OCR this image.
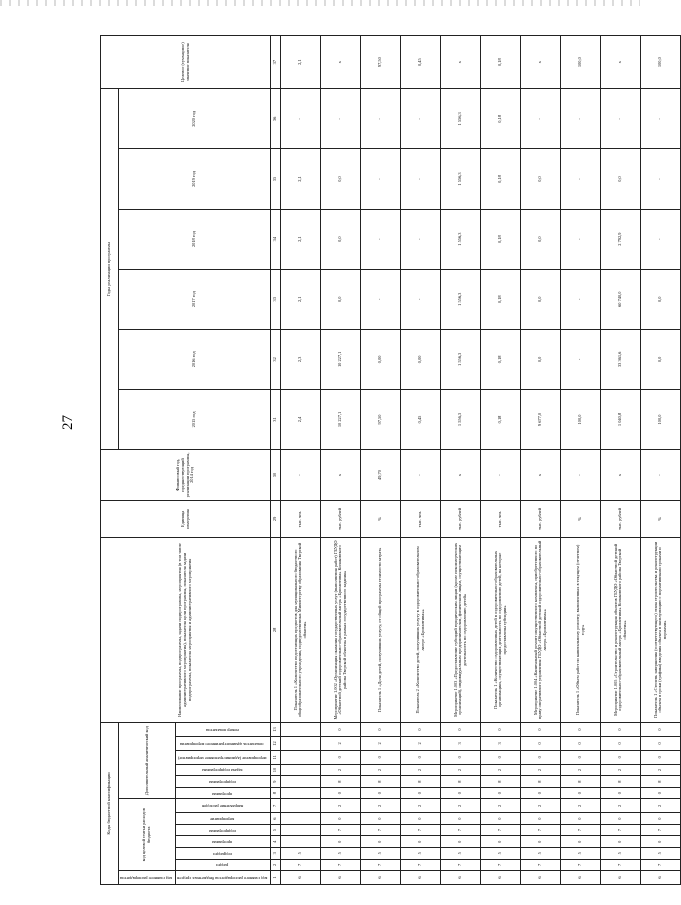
27
Коды бюджетной классификации													Наименование программы, подпрограммы, задачи подпрограммы, мероприятия (в том числе административного мероприятия), показателя цели программы, показателя задачи подпрограммы, показателя мероприятия и административного мероприятия	Единица измерения	Финансовый год, предшествующий реализации программы, 2014 год	Годы реализации программы						Целевое (суммарное) значение показателя
код главного распорядителя	код целевой статьи расходов бюджета						Дополнительный аналитический код									2015 год	2016 год	2017 год	2018 год	2019 год	2020 год	
код главного распорядителя бюджетных средств	раздел	подраздел	программа	подпрограмма	мероприятие	направление расходов	программа	подпрограмма	задача подпрограммы	мероприятие (административное мероприятие)	показатель административного мероприятия	номер показателя										
1	2	3	4	5	6	7	8	9	10	11	12	13	28	29	30	31	32	33	34	35	36	37
6	7	5											Показатель 1 «Количество недостающих предметов для муниципального бюджетного общеобразовательного учреждения, подведомственных Министерству образования Тверской области»	тыс. чел.	-	2,4	2,3	2,1	2,1	2,1	-	2,1
6	7	5	0	7	0	2	0	8	2	0	2	0	Мероприятие 1.002 «Организация оказания государственных услуг (выполнения работ) ГБУДО «Областной детский оздоровительно-образовательный лагерь «Бригантина» Конаковского района Тверской области» в рамках государственного задания»	тыс. рублей	x	10 227,1	10 227,1	0,0	0,0	0,0	-	x
6	7	5	0	7	0	2	0	8	2	0	2	0	Показатель 1 «Доля детей, получивших услугу, от общей программы стоимости затрат»	%	49,70	97,50	0,00	-	-	-	-	97,50
6	7	5	0	7	0	2	0	8	2	0	2	0	Показатель 2 «Количество детей, получивших услугу в оздоровительно-образовательном лагере «Бригантина»»	тыс. чел.	-	0,45	0,00	-	-	-	-	0,45
6	7	5	0	7	0	2	0	8	2	0	3	0	Мероприятие 1.003 «Предоставление субсидий юридическим лицам (кроме некоммерческих организаций), индивидуальным предпринимателям, физическим лицам, осуществляющим деятельность по оздоровлению детей»	тыс. рублей	x	1 556,3	1 556,3	1 556,3	1 556,3	1 556,3	1 556,3	x
6	7	5	0	7	0	2	0	8	2	0	3	0	Показатель 1 «Количество оздоровленных детей в оздоровительно-образовательных организациях, осуществляющих деятельность по оздоровлению детей, на которые предоставлены субсидии»	тыс. чел.	-	0,18	0,18	0,18	0,18	0,18	0,18	0,18
6	7	5	0	7	0	2	0	8	2	0	0	0	Мероприятие 1.004 «Капитальный ремонт имущественного комплекса, приобретенного по праву оперативного управления ГБУДО «Областной детский оздоровительно-образовательный лагерь «Бригантина»»	тыс. рублей	x	9 677,0	0,0	0,0	0,0	0,0	-	x
6	7	5	0	7	0	2	0	8	2	0	0	0	Показатель 1 «Объем работ по капитальному ремонту, выполненных в текущем (отчетном) году»	%	-	100,0	-	-	-	-	-	100,0
6	7	5	0	7	0	2	0	8	2	0	0	0	Мероприятие 1.005 «Строительство и реконструкция объектов ГБУДО «Областной детский оздоровительно-образовательный лагерь «Бригантина» Конаковского района Тверской области»»	тыс. рублей	x	1 040,8	33 361,6	60 740,0	2 792,9	0,0	-	x
6	7	5	0	7	0	2	0	8	2	0	0	0	Показатель 1 «Степень завершения (соответствующего) этапа строительства и реконструкции объекта в сроки (графика) введения объекта в эксплуатацию с нормативными сроками и нормами»	%	-	100,0	0,0	0,0	-	-	-	100,0
